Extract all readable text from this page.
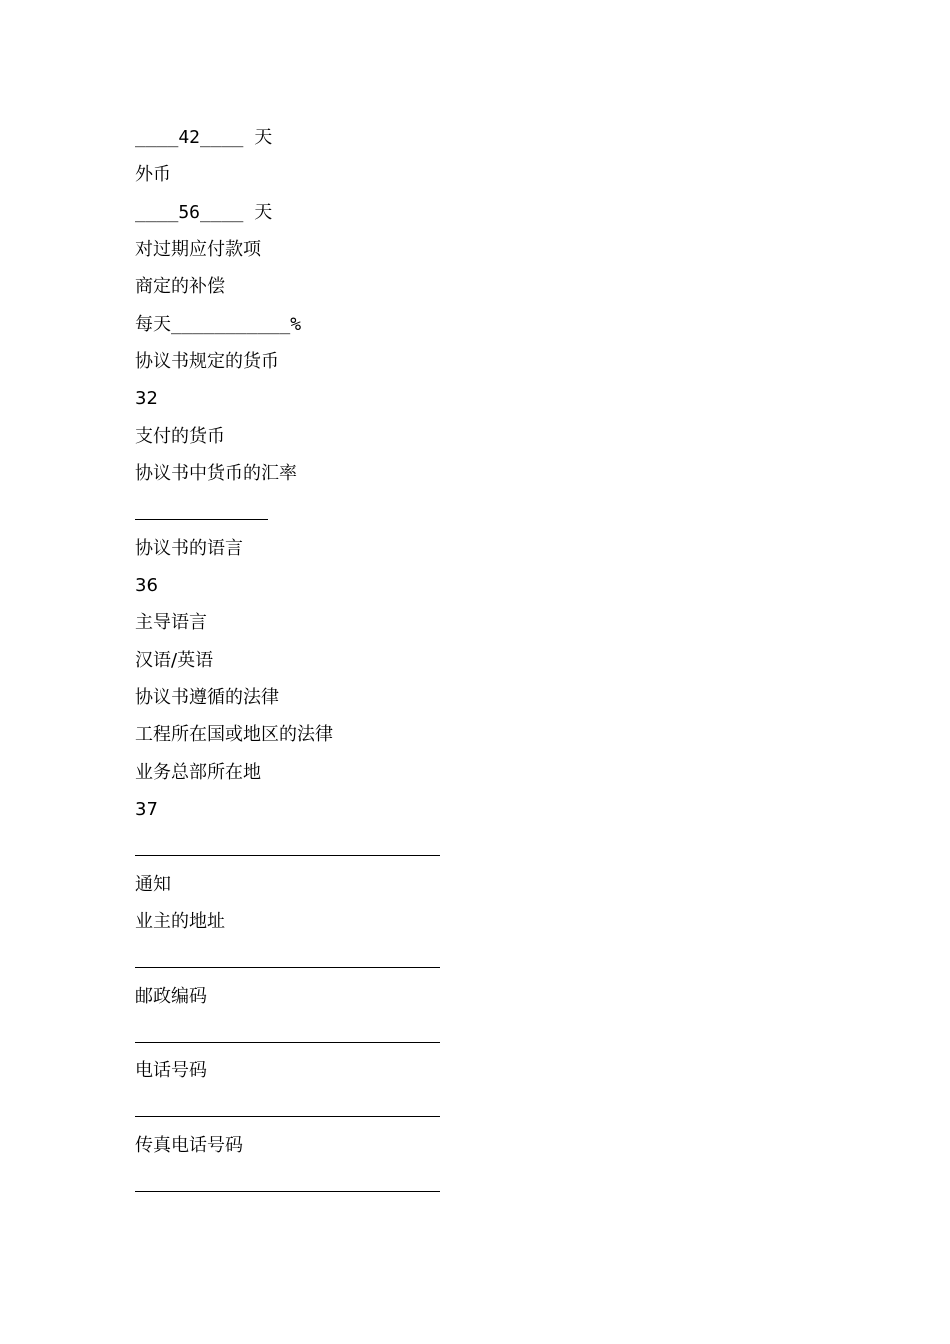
____42____ 天
外币
____56____ 天
对过期应付款项
商定的补偿
每天___________%
协议书规定的货币
32
支付的货币
协议书中货币的汇率
协议书的语言
36
主导语言
汉语/英语
协议书遵循的法律
工程所在国或地区的法律
业务总部所在地
37
通知
业主的地址
邮政编码
电话号码
传真电话号码
